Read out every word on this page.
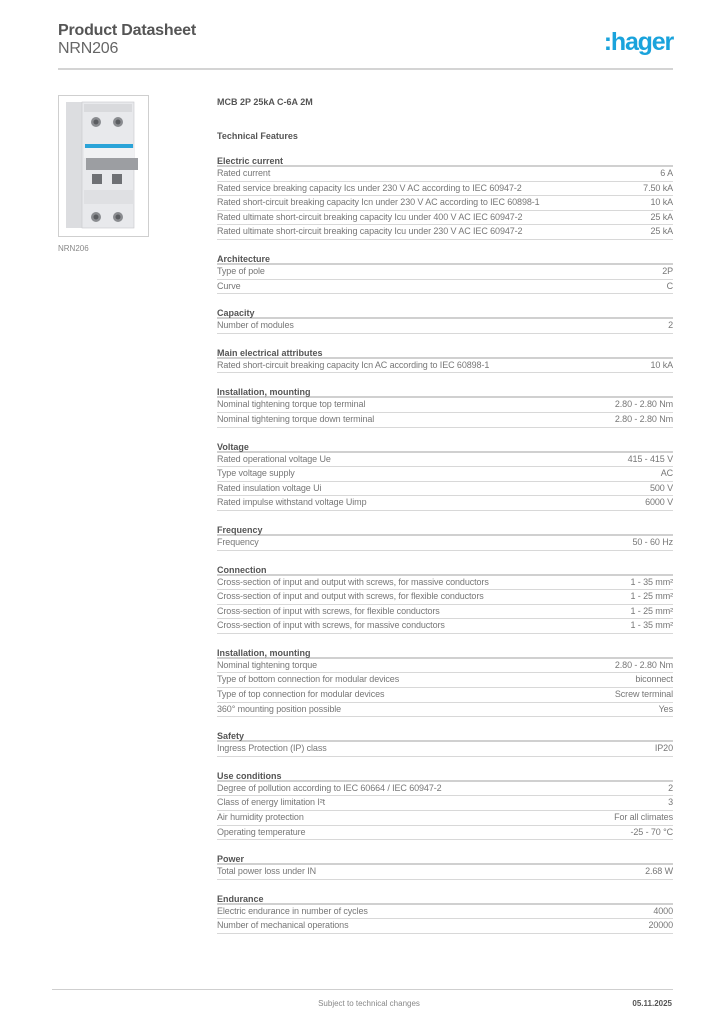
Product Datasheet
NRN206	:hager
NRN206
MCB 2P 25kA C-6A 2M
Technical Features
Electric current
Rated current	6 A
Rated service breaking capacity Ics under 230 V AC according to IEC 60947-2	7.50 kA
Rated short-circuit breaking capacity Icn under 230 V AC according to IEC 60898-1	10 kA
Rated ultimate short-circuit breaking capacity Icu under 400 V AC IEC 60947-2	25 kA
Rated ultimate short-circuit breaking capacity Icu under 230 V AC IEC 60947-2	25 kA
Architecture
Type of pole	2P
Curve	C
Capacity
Number of modules	2
Main electrical attributes
Rated short-circuit breaking capacity Icn AC according to IEC 60898-1	10 kA
Installation, mounting
Nominal tightening torque top terminal	2.80 - 2.80 Nm
Nominal tightening torque down terminal	2.80 - 2.80 Nm
Voltage
Rated operational voltage Ue	415 - 415 V
Type voltage supply	AC
Rated insulation voltage Ui	500 V
Rated impulse withstand voltage Uimp	6000 V
Frequency
Frequency	50 - 60 Hz
Connection
Cross-section of input and output with screws, for massive conductors	1 - 35 mm²
Cross-section of input and output with screws, for flexible conductors	1 - 25 mm²
Cross-section of input with screws, for flexible conductors	1 - 25 mm²
Cross-section of input with screws, for massive conductors	1 - 35 mm²
Installation, mounting
Nominal tightening torque	2.80 - 2.80 Nm
Type of bottom connection for modular devices	biconnect
Type of top connection for modular devices	Screw terminal
360° mounting position possible	Yes
Safety
Ingress Protection (IP) class	IP20
Use conditions
Degree of pollution according to IEC 60664 / IEC 60947-2	2
Class of energy limitation I²t	3
Air humidity protection	For all climates
Operating temperature	-25 - 70 °C
Power
Total power loss under IN	2.68 W
Endurance
Electric endurance in number of cycles	4000
Number of mechanical operations	20000
Subject to technical changes	05.11.2025
